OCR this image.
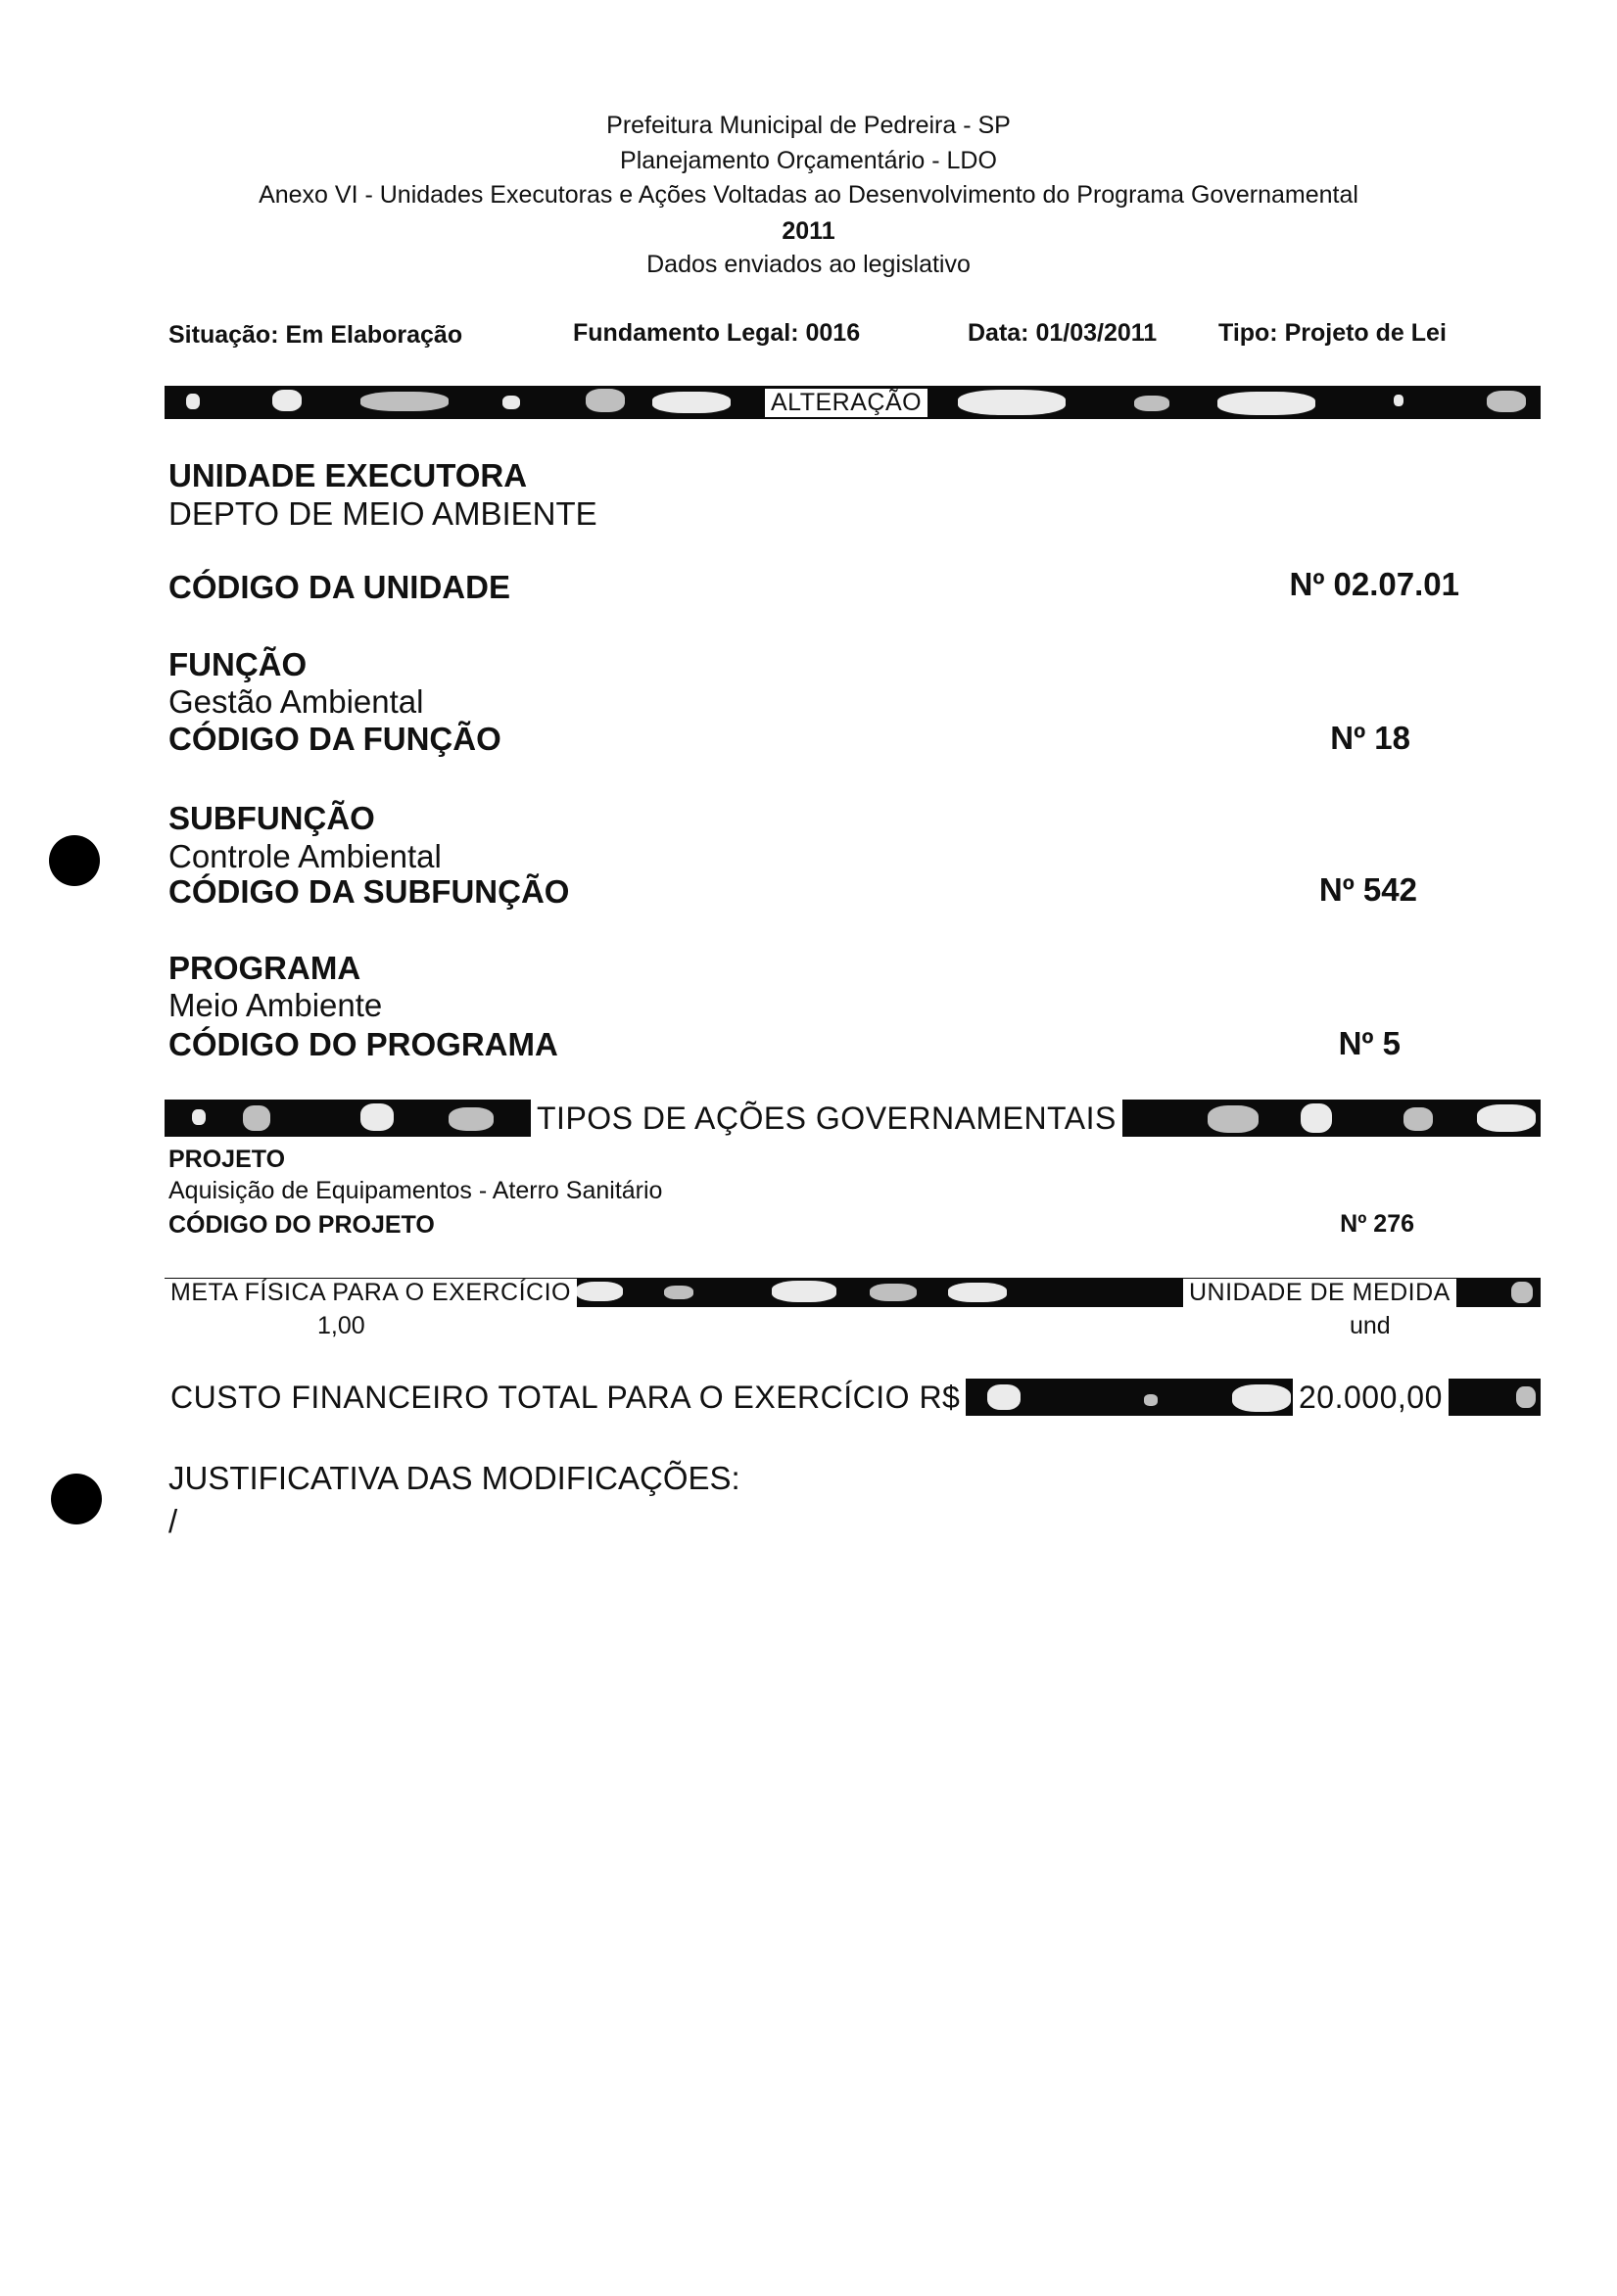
Prefeitura Municipal de Pedreira - SP
Planejamento Orçamentário - LDO
Anexo VI - Unidades Executoras e Ações Voltadas ao Desenvolvimento do Programa Governamental
2011
Dados enviados ao legislativo
Situação: Em Elaboração	Fundamento Legal: 0016	Data: 01/03/2011	Tipo: Projeto de Lei
ALTERAÇÃO
UNIDADE EXECUTORA
DEPTO DE MEIO AMBIENTE
CÓDIGO DA UNIDADE	Nº 02.07.01
FUNÇÃO
Gestão Ambiental
CÓDIGO DA FUNÇÃO	Nº 18
SUBFUNÇÃO
Controle Ambiental
CÓDIGO DA SUBFUNÇÃO	Nº 542
PROGRAMA
Meio Ambiente
CÓDIGO DO PROGRAMA	Nº 5
TIPOS DE AÇÕES GOVERNAMENTAIS
PROJETO
Aquisição de Equipamentos - Aterro Sanitário
CÓDIGO DO PROJETO	Nº 276
META FÍSICA PARA O EXERCÍCIO	UNIDADE DE MEDIDA
1,00	und
CUSTO FINANCEIRO TOTAL PARA O EXERCÍCIO R$	20.000,00
JUSTIFICATIVA DAS MODIFICAÇÕES:
/
